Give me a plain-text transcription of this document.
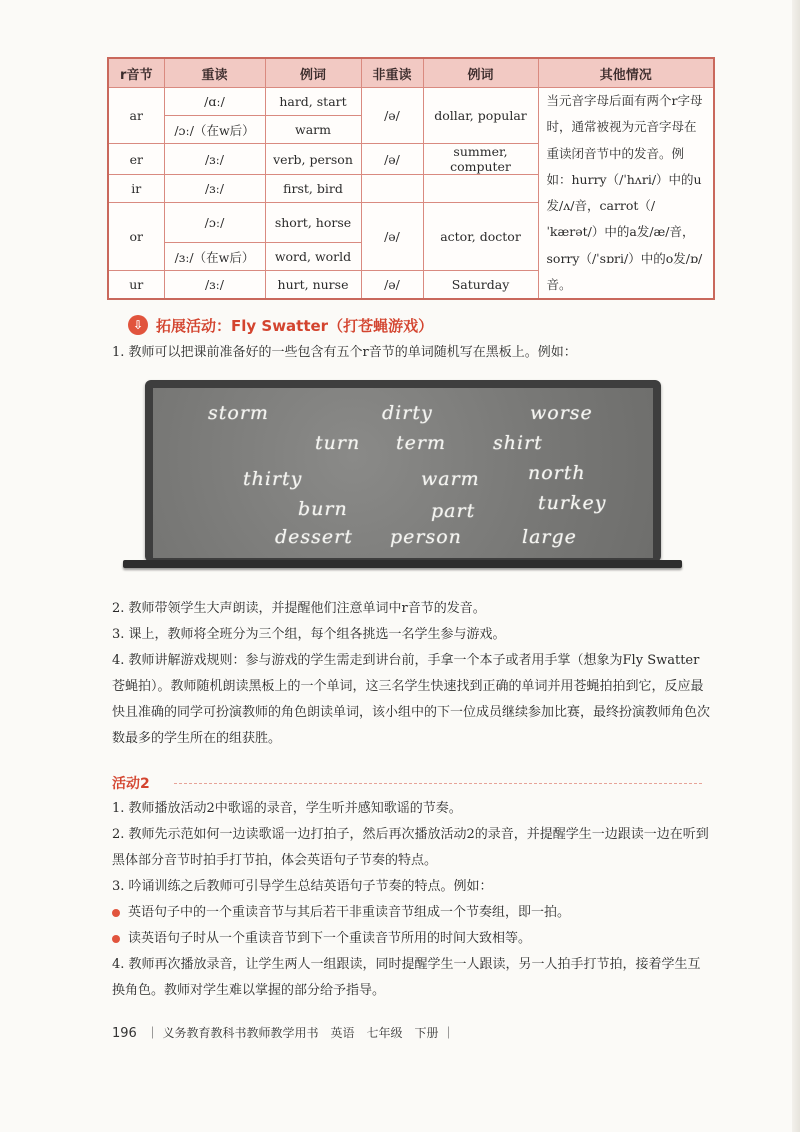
r音节	重读	例词	非重读	例词	其他情况
ar	/ɑː/	hard, start	/ə/	dollar, popular	当元音字母后面有两个r字母时，通常被视为元音字母在重读闭音节中的发音。例如：hurry（/ˈhʌri/）中的u发/ʌ/音，carrot（/ˈkærət/）中的a发/æ/音，sorry（/ˈsɒri/）中的o发/ɒ/音。
	/ɔː/（在w后）	warm			
er	/ɜː/	verb, person	/ə/	summer, computer	
ir	/ɜː/	first, bird			
or	/ɔː/	short, horse	/ə/	actor, doctor	
	/ɜː/（在w后）	word, world			
ur	/ɜː/	hurt, nurse	/ə/	Saturday	
⇩ 拓展活动：Fly Swatter（打苍蝇游戏）
1. 教师可以把课前准备好的一些包含有五个r音节的单词随机写在黑板上。例如：
storm	dirty	worse
turn term shirt
thirty	warm	north
burn	part	turkey
dessert person	large
2. 教师带领学生大声朗读，并提醒他们注意单词中r音节的发音。
3. 课上，教师将全班分为三个组，每个组各挑选一名学生参与游戏。
4. 教师讲解游戏规则：参与游戏的学生需走到讲台前，手拿一个本子或者用手掌（想象为Fly Swatter苍蝇拍）。教师随机朗读黑板上的一个单词，这三名学生快速找到正确的单词并用苍蝇拍拍到它，反应最快且准确的同学可扮演教师的角色朗读单词，该小组中的下一位成员继续参加比赛，最终扮演教师角色次数最多的学生所在的组获胜。
活动2
1. 教师播放活动2中歌谣的录音，学生听并感知歌谣的节奏。
2. 教师先示范如何一边读歌谣一边打拍子，然后再次播放活动2的录音，并提醒学生一边跟读一边在听到黑体部分音节时拍手打节拍，体会英语句子节奏的特点。
3. 吟诵训练之后教师可引导学生总结英语句子节奏的特点。例如：
英语句子中的一个重读音节与其后若干非重读音节组成一个节奏组，即一拍。
读英语句子时从一个重读音节到下一个重读音节所用的时间大致相等。
4. 教师再次播放录音，让学生两人一组跟读，同时提醒学生一人跟读，另一人拍手打节拍，接着学生互换角色。教师对学生难以掌握的部分给予指导。
196 ｜ 义务教育教科书教师教学用书　英语　七年级　下册 ｜
